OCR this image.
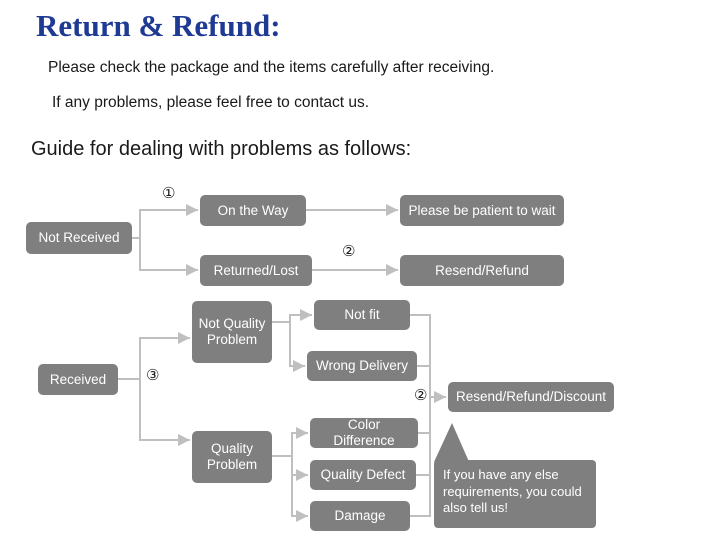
Return & Refund:
Please check the package and the items carefully after receiving.
If any problems, please feel free to contact us.
Guide for dealing with problems as follows:
Not Received
On the Way
Returned/Lost
Please be patient to wait
Resend/Refund
Received
Not Quality Problem
Quality Problem
Not fit
Wrong Delivery
Color Difference
Quality Defect
Damage
Resend/Refund/Discount
①
②
③
②
If you have any else
requirements, you could
also tell us!
